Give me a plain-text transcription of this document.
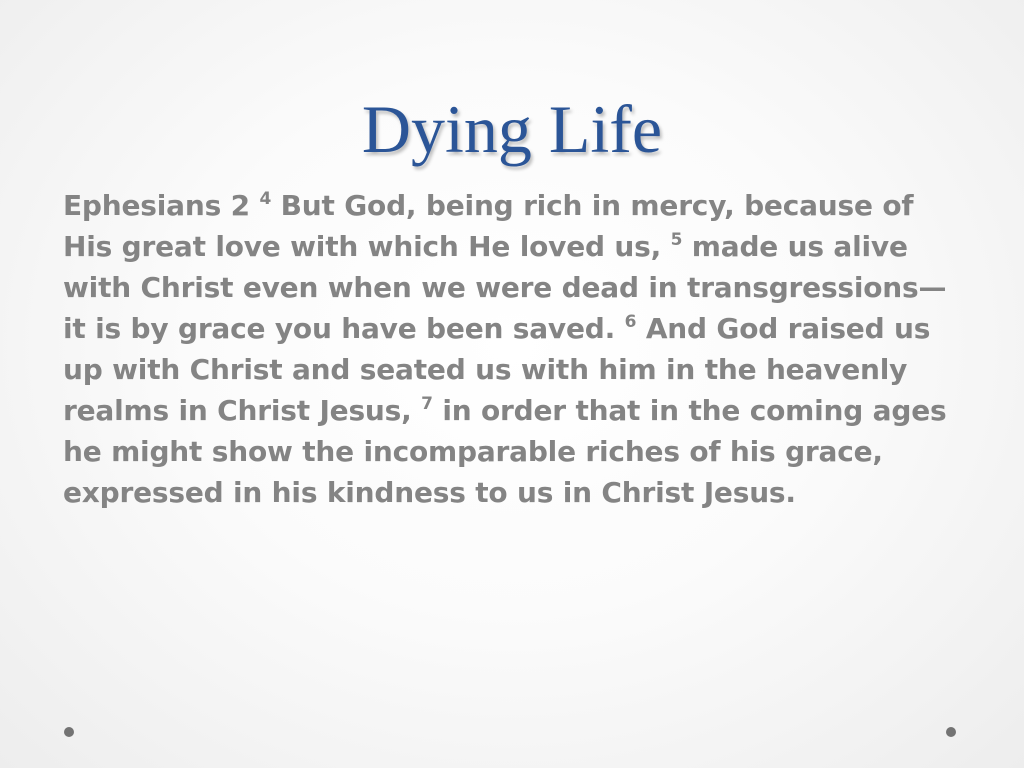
Dying Life
Ephesians 2 $^4$ But God, being rich in mercy, because of His great love with which He loved us, $^5$ made us alive with Christ even when we were dead in transgressions—it is by grace you have been saved. $^6$ And God raised us up with Christ and seated us with him in the heavenly realms in Christ Jesus, $^7$ in order that in the coming ages he might show the incomparable riches of his grace, expressed in his kindness to us in Christ Jesus.
